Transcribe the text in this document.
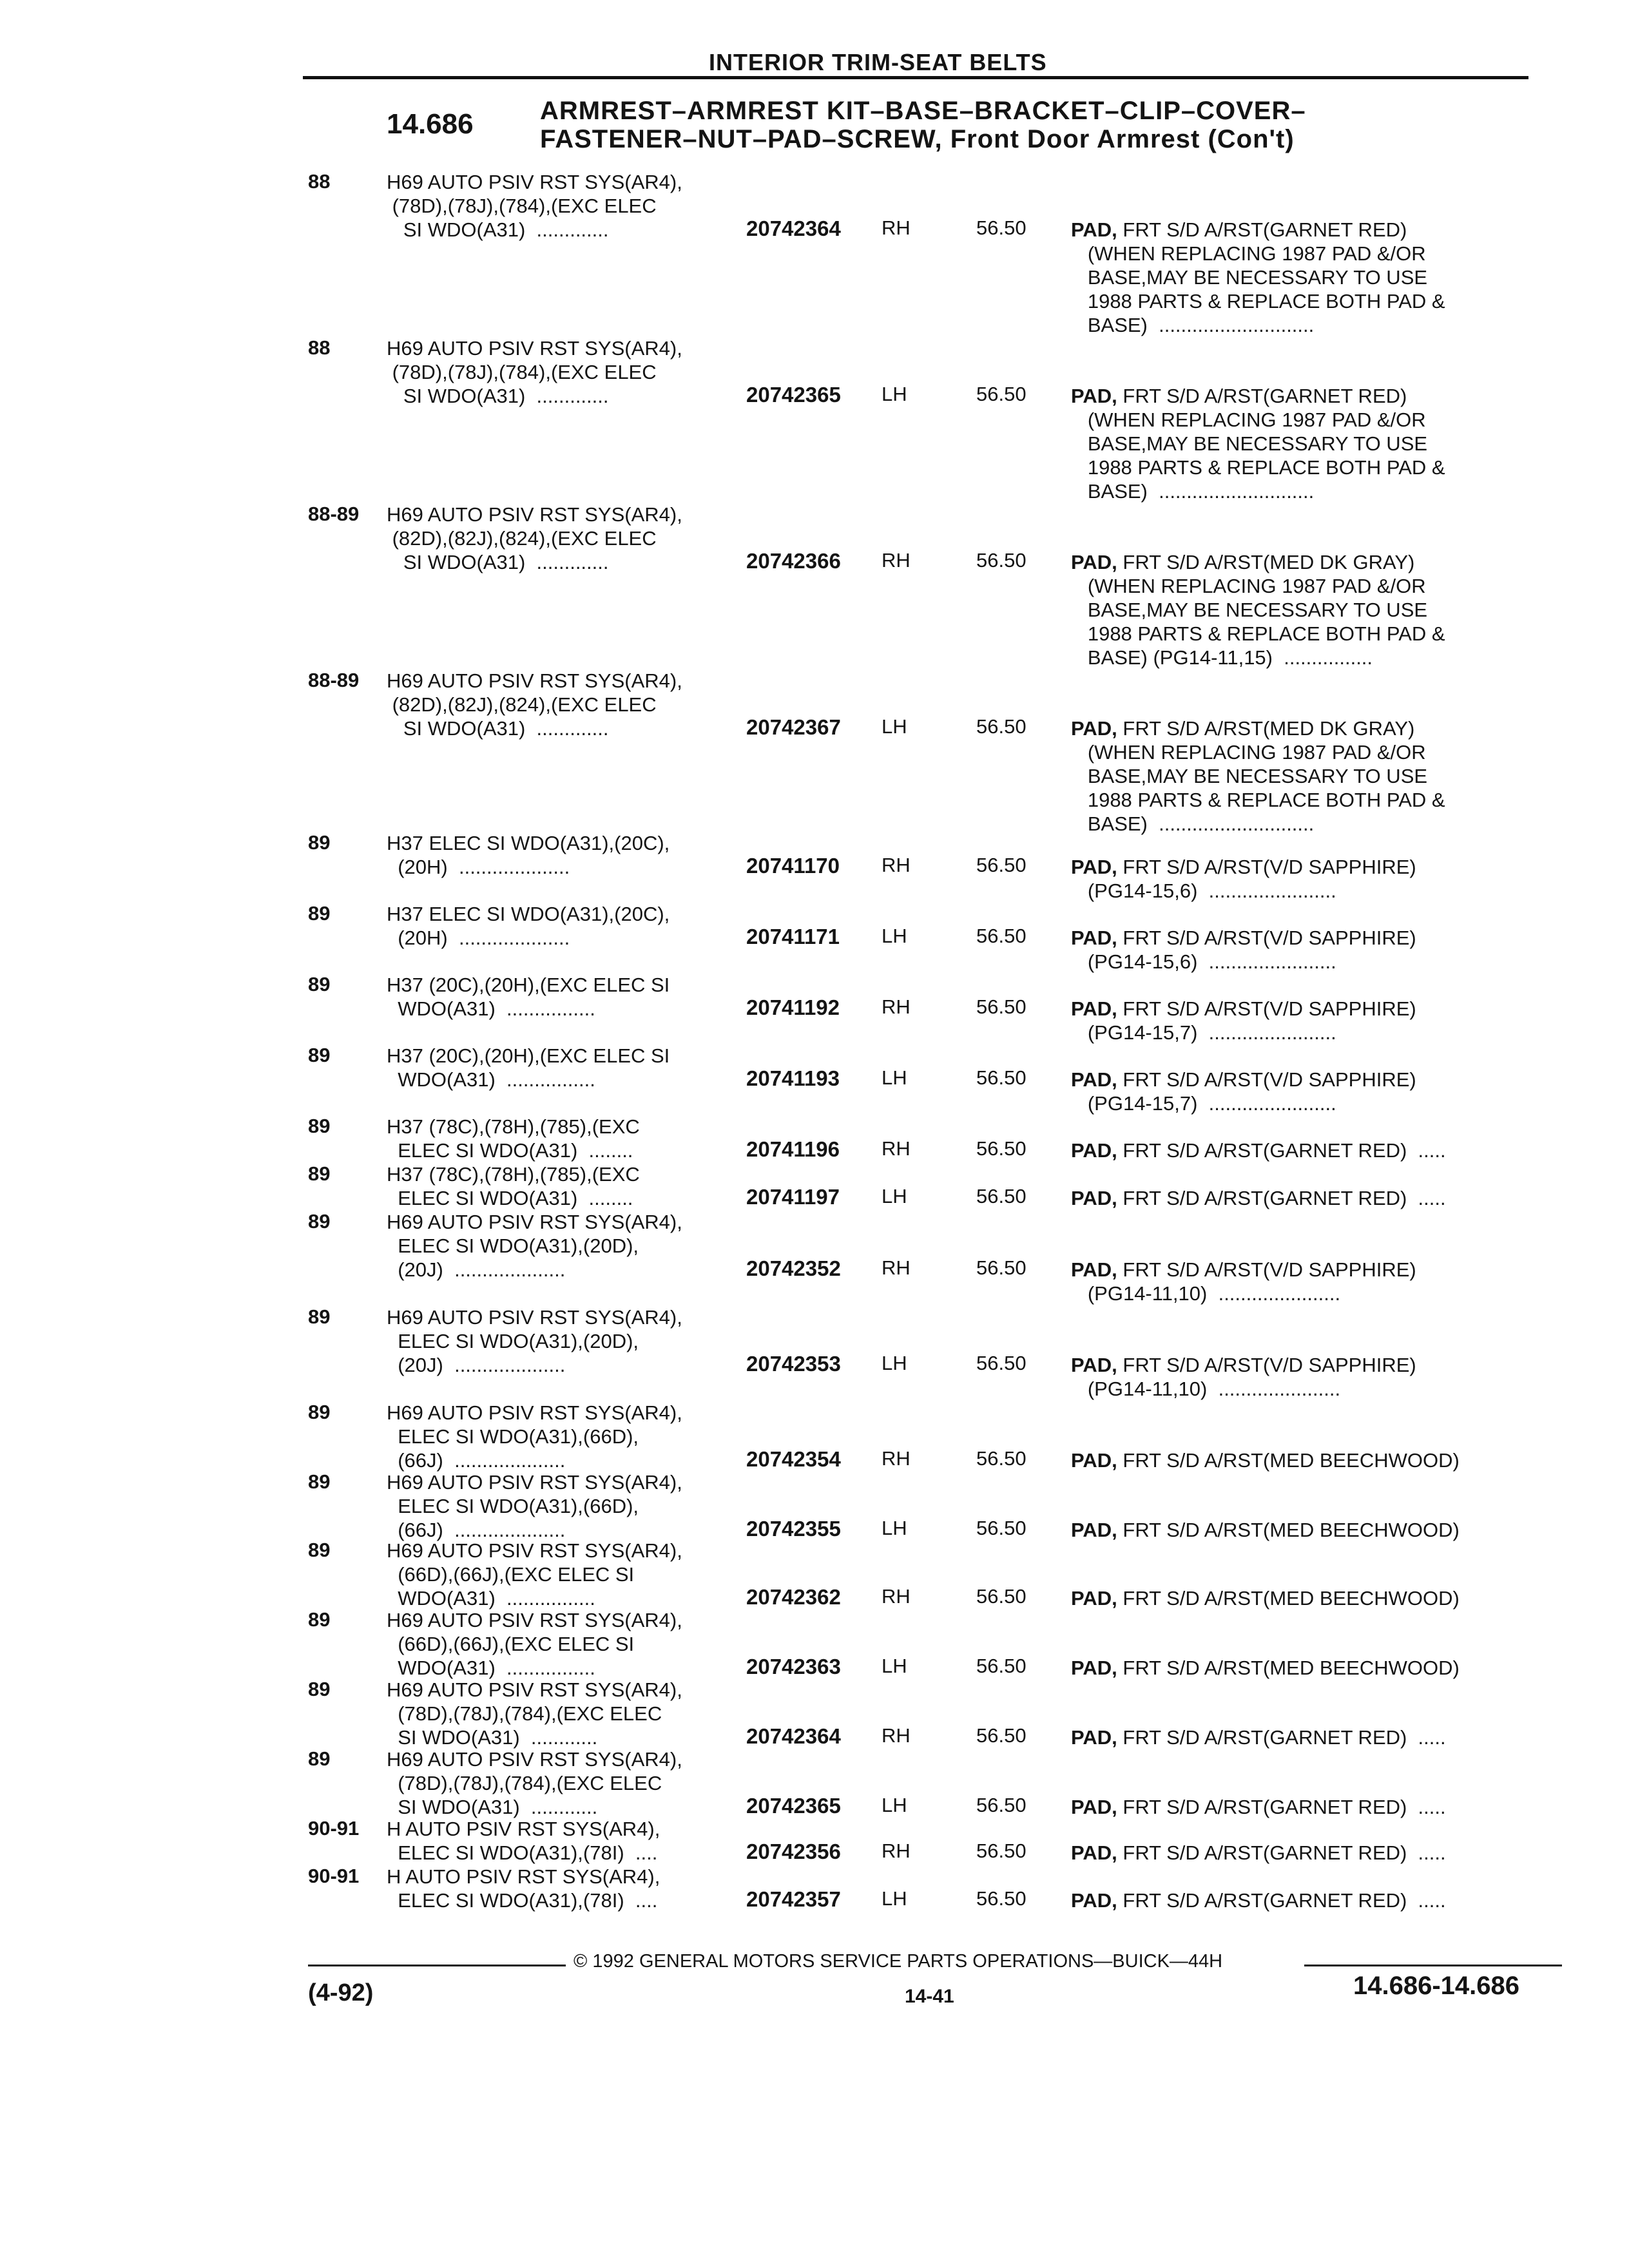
INTERIOR TRIM-SEAT BELTS
14.686	ARMREST–ARMREST KIT–BASE–BRACKET–CLIP–COVER–
FASTENER–NUT–PAD–SCREW, Front Door Armrest (Con't)
88	H69 AUTO PSIV RST SYS(AR4),
(78D),(78J),(784),(EXC ELEC
SI WDO(A31)  .............	20742364 RH	56.50 PAD, FRT S/D A/RST(GARNET RED)
(WHEN REPLACING 1987 PAD &/OR
BASE,MAY BE NECESSARY TO USE
1988 PARTS & REPLACE BOTH PAD &
BASE)  ............................
88	H69 AUTO PSIV RST SYS(AR4),
(78D),(78J),(784),(EXC ELEC
SI WDO(A31)  .............	20742365 LH	56.50 PAD, FRT S/D A/RST(GARNET RED)
(WHEN REPLACING 1987 PAD &/OR
BASE,MAY BE NECESSARY TO USE
1988 PARTS & REPLACE BOTH PAD &
BASE)  ............................
88-89 H69 AUTO PSIV RST SYS(AR4),
(82D),(82J),(824),(EXC ELEC
SI WDO(A31)  .............	20742366 RH	56.50 PAD, FRT S/D A/RST(MED DK GRAY)
(WHEN REPLACING 1987 PAD &/OR
BASE,MAY BE NECESSARY TO USE
1988 PARTS & REPLACE BOTH PAD &
BASE) (PG14-11,15)  ................
88-89 H69 AUTO PSIV RST SYS(AR4),
(82D),(82J),(824),(EXC ELEC
SI WDO(A31)  .............	20742367 LH	56.50 PAD, FRT S/D A/RST(MED DK GRAY)
(WHEN REPLACING 1987 PAD &/OR
BASE,MAY BE NECESSARY TO USE
1988 PARTS & REPLACE BOTH PAD &
BASE)  ............................
89	H37 ELEC SI WDO(A31),(20C),
(20H)  ....................	20741170 RH	56.50 PAD, FRT S/D A/RST(V/D SAPPHIRE)
(PG14-15,6)  .......................
89	H37 ELEC SI WDO(A31),(20C),
(20H)  ....................	20741171 LH	56.50 PAD, FRT S/D A/RST(V/D SAPPHIRE)
(PG14-15,6)  .......................
89	H37 (20C),(20H),(EXC ELEC SI
WDO(A31)  ................	20741192 RH	56.50 PAD, FRT S/D A/RST(V/D SAPPHIRE)
(PG14-15,7)  .......................
89	H37 (20C),(20H),(EXC ELEC SI
WDO(A31)  ................	20741193 LH	56.50 PAD, FRT S/D A/RST(V/D SAPPHIRE)
(PG14-15,7)  .......................
89	H37 (78C),(78H),(785),(EXC
ELEC SI WDO(A31)  ........	20741196 RH	56.50 PAD, FRT S/D A/RST(GARNET RED)  .....
89	H37 (78C),(78H),(785),(EXC
ELEC SI WDO(A31)  ........	20741197 LH	56.50 PAD, FRT S/D A/RST(GARNET RED)  .....
89	H69 AUTO PSIV RST SYS(AR4),
ELEC SI WDO(A31),(20D),
(20J)  ....................	20742352 RH	56.50 PAD, FRT S/D A/RST(V/D SAPPHIRE)
(PG14-11,10)  ......................
89	H69 AUTO PSIV RST SYS(AR4),
ELEC SI WDO(A31),(20D),
(20J)  ....................	20742353 LH	56.50 PAD, FRT S/D A/RST(V/D SAPPHIRE)
(PG14-11,10)  ......................
89	H69 AUTO PSIV RST SYS(AR4),
ELEC SI WDO(A31),(66D),
(66J)  ....................	20742354 RH	56.50 PAD, FRT S/D A/RST(MED BEECHWOOD)
89	H69 AUTO PSIV RST SYS(AR4),
ELEC SI WDO(A31),(66D),
(66J)  ....................	20742355 LH	56.50 PAD, FRT S/D A/RST(MED BEECHWOOD)
89	H69 AUTO PSIV RST SYS(AR4),
(66D),(66J),(EXC ELEC SI
WDO(A31)  ................	20742362 RH	56.50 PAD, FRT S/D A/RST(MED BEECHWOOD)
89	H69 AUTO PSIV RST SYS(AR4),
(66D),(66J),(EXC ELEC SI
WDO(A31)  ................	20742363 LH	56.50 PAD, FRT S/D A/RST(MED BEECHWOOD)
89	H69 AUTO PSIV RST SYS(AR4),
(78D),(78J),(784),(EXC ELEC
SI WDO(A31)  ............	20742364 RH	56.50 PAD, FRT S/D A/RST(GARNET RED)  .....
89	H69 AUTO PSIV RST SYS(AR4),
(78D),(78J),(784),(EXC ELEC
SI WDO(A31)  ............	20742365 LH	56.50 PAD, FRT S/D A/RST(GARNET RED)  .....
90-91 H AUTO PSIV RST SYS(AR4),
ELEC SI WDO(A31),(78I)  ....	20742356 RH	56.50 PAD, FRT S/D A/RST(GARNET RED)  .....
90-91 H AUTO PSIV RST SYS(AR4),
ELEC SI WDO(A31),(78I)  ....	20742357 LH	56.50 PAD, FRT S/D A/RST(GARNET RED)  .....
© 1992 GENERAL MOTORS SERVICE PARTS OPERATIONS—BUICK—44H
(4-92)	14-41	14.686-14.686
